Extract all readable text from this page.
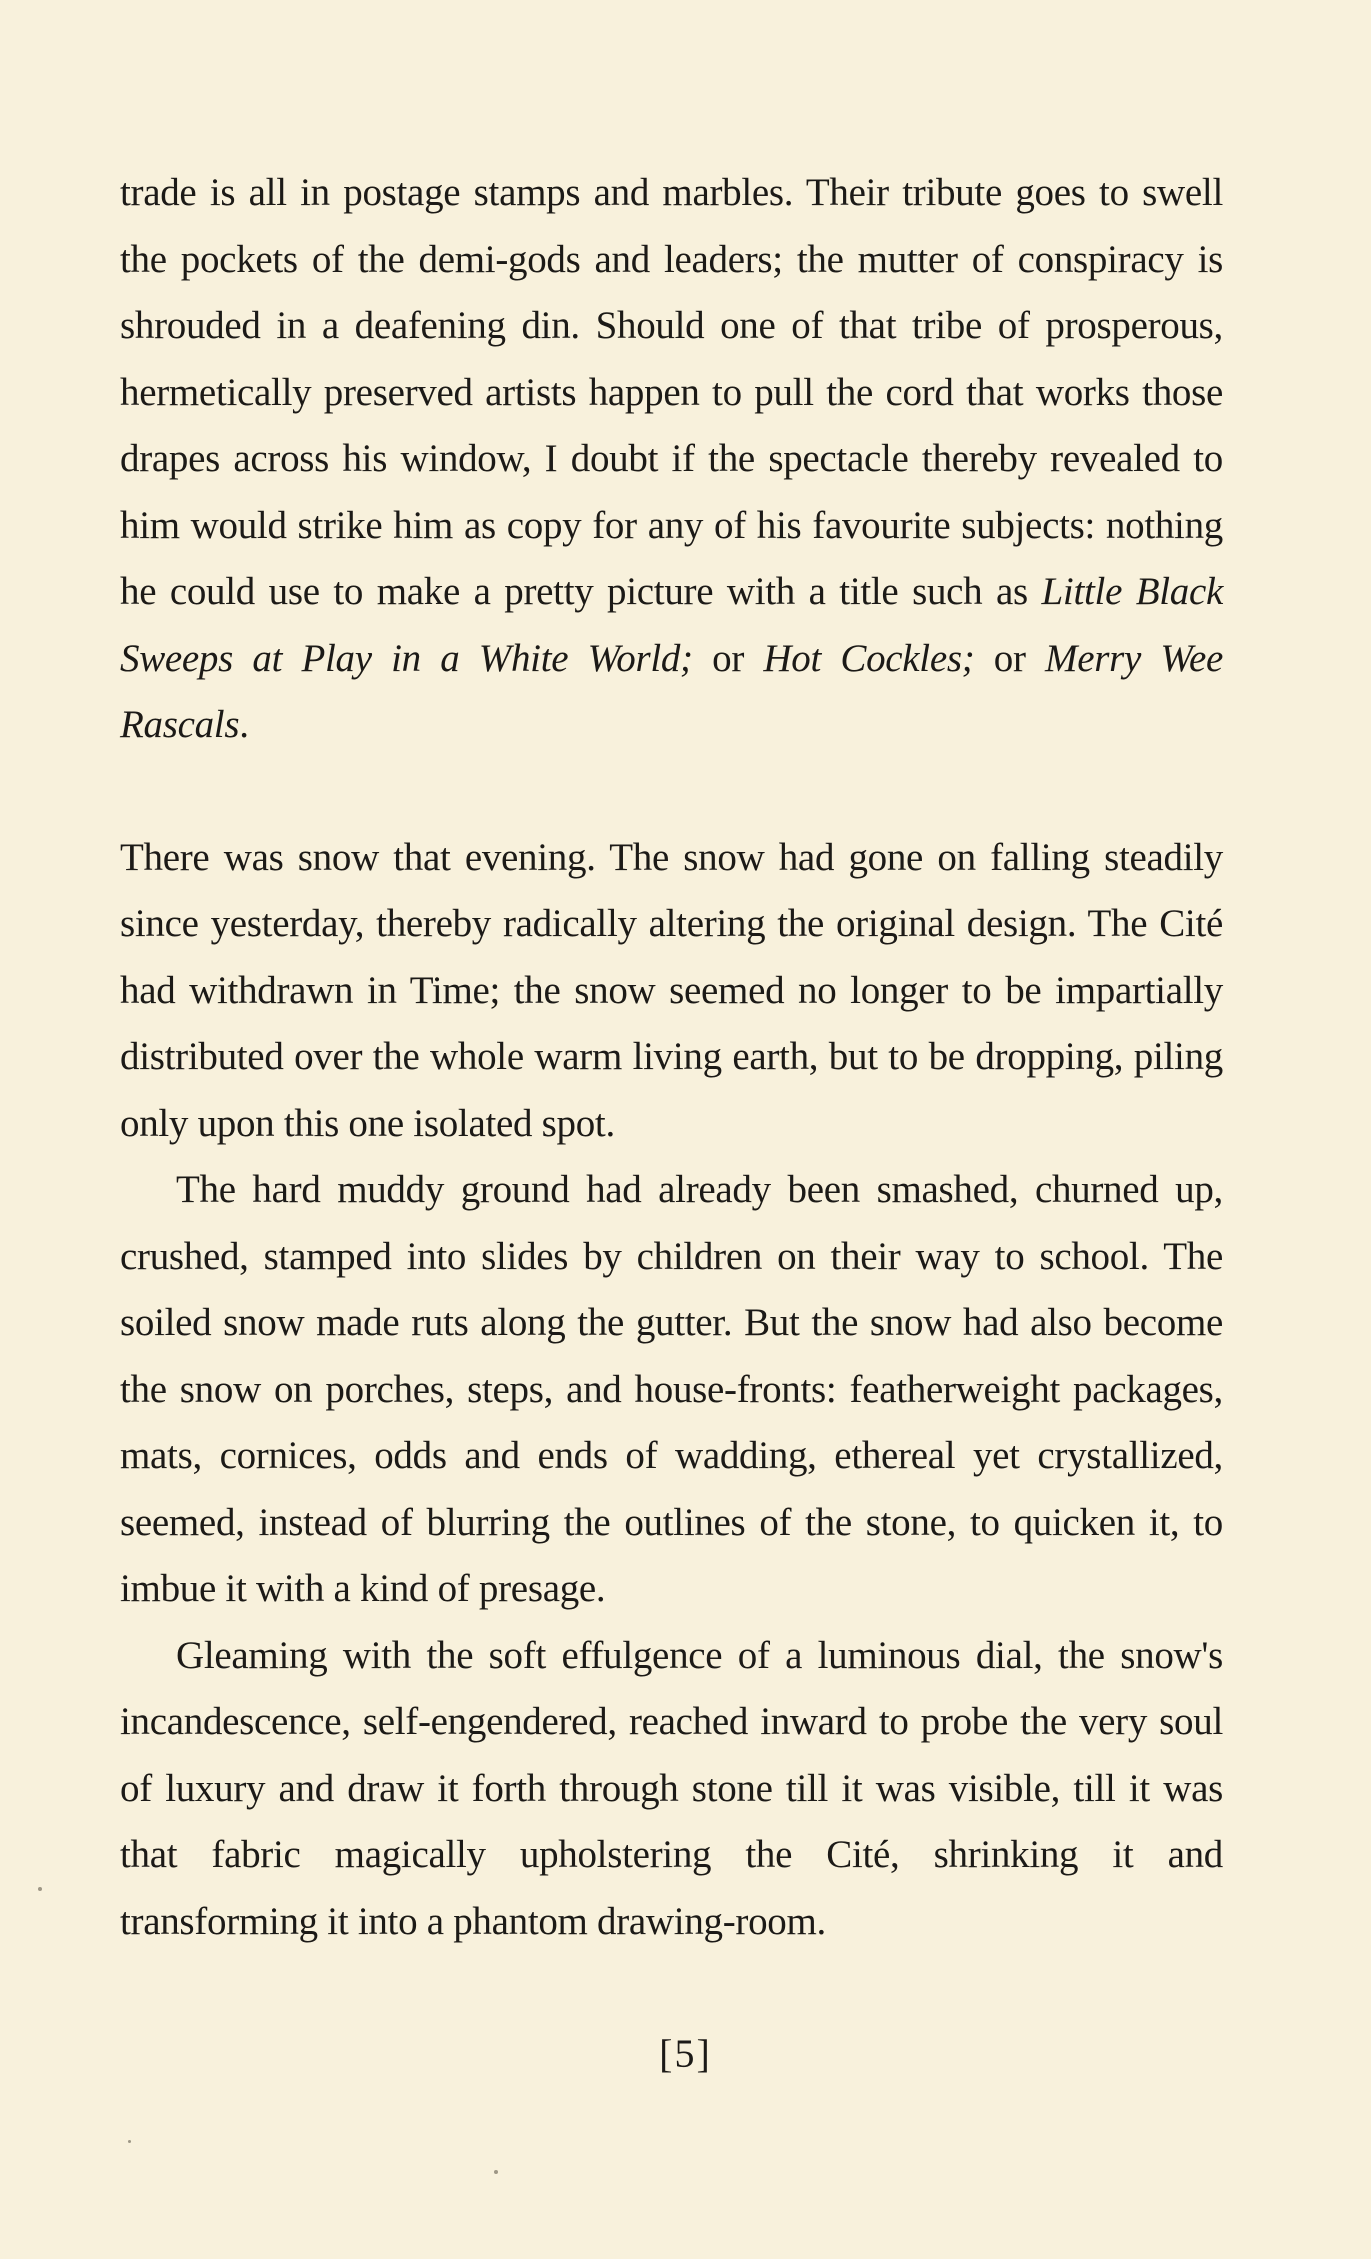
trade is all in postage stamps and marbles. Their tribute goes to swell the pockets of the demi-gods and leaders; the mutter of conspiracy is shrouded in a deafening din. Should one of that tribe of prosperous, hermetically preserved artists happen to pull the cord that works those drapes across his window, I doubt if the spectacle thereby revealed to him would strike him as copy for any of his favourite subjects: nothing he could use to make a pretty picture with a title such as Little Black Sweeps at Play in a White World; or Hot Cockles; or Merry Wee Rascals.

There was snow that evening. The snow had gone on falling steadily since yesterday, thereby radically altering the original design. The Cité had withdrawn in Time; the snow seemed no longer to be impartially distributed over the whole warm living earth, but to be dropping, piling only upon this one isolated spot.

The hard muddy ground had already been smashed, churned up, crushed, stamped into slides by children on their way to school. The soiled snow made ruts along the gutter. But the snow had also become the snow on porches, steps, and house-fronts: featherweight packages, mats, cornices, odds and ends of wadding, ethereal yet crystallized, seemed, instead of blurring the outlines of the stone, to quicken it, to imbue it with a kind of presage.

Gleaming with the soft effulgence of a luminous dial, the snow's incandescence, self-engendered, reached inward to probe the very soul of luxury and draw it forth through stone till it was visible, till it was that fabric magically upholstering the Cité, shrinking it and transforming it into a phantom drawing-room.

[5]
